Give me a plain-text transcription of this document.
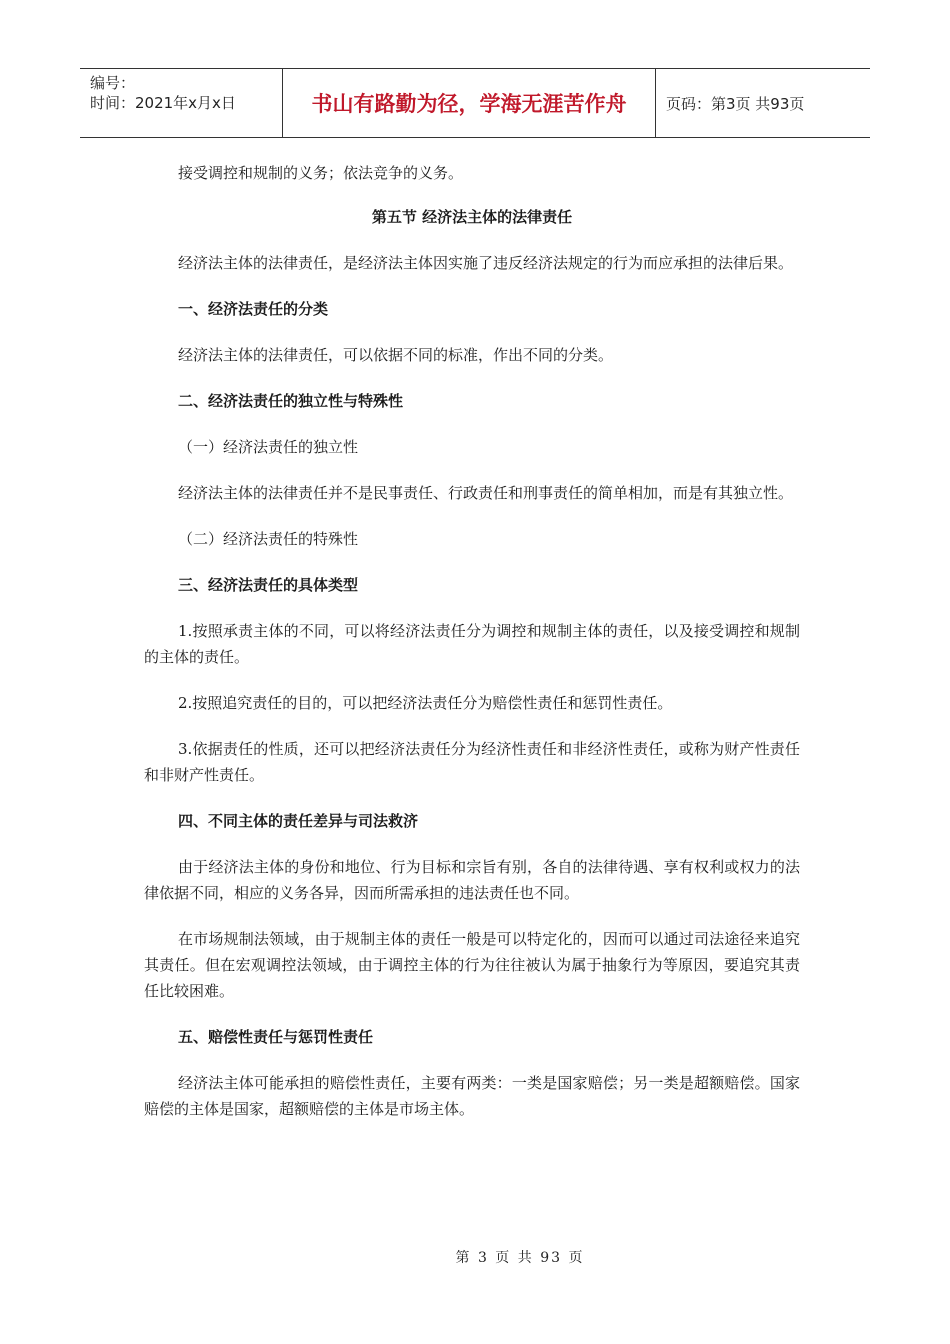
编号：
时间：2021年x月x日	书山有路勤为径，学海无涯苦作舟	页码：第3页 共93页

接受调控和规制的义务；依法竞争的义务。

第五节 经济法主体的法律责任

经济法主体的法律责任，是经济法主体因实施了违反经济法规定的行为而应承担的法律后果。

一、经济法责任的分类

经济法主体的法律责任，可以依据不同的标准，作出不同的分类。

二、经济法责任的独立性与特殊性

（一）经济法责任的独立性

经济法主体的法律责任并不是民事责任、行政责任和刑事责任的简单相加，而是有其独立性。

（二）经济法责任的特殊性

三、经济法责任的具体类型

1.按照承责主体的不同，可以将经济法责任分为调控和规制主体的责任，以及接受调控和规制的主体的责任。

2.按照追究责任的目的，可以把经济法责任分为赔偿性责任和惩罚性责任。

3.依据责任的性质，还可以把经济法责任分为经济性责任和非经济性责任，或称为财产性责任和非财产性责任。

四、不同主体的责任差异与司法救济

由于经济法主体的身份和地位、行为目标和宗旨有别，各自的法律待遇、享有权利或权力的法律依据不同，相应的义务各异，因而所需承担的违法责任也不同。

在市场规制法领域，由于规制主体的责任一般是可以特定化的，因而可以通过司法途径来追究其责任。但在宏观调控法领域，由于调控主体的行为往往被认为属于抽象行为等原因，要追究其责任比较困难。

五、赔偿性责任与惩罚性责任

经济法主体可能承担的赔偿性责任，主要有两类：一类是国家赔偿；另一类是超额赔偿。国家赔偿的主体是国家，超额赔偿的主体是市场主体。

第 3 页 共 93 页
